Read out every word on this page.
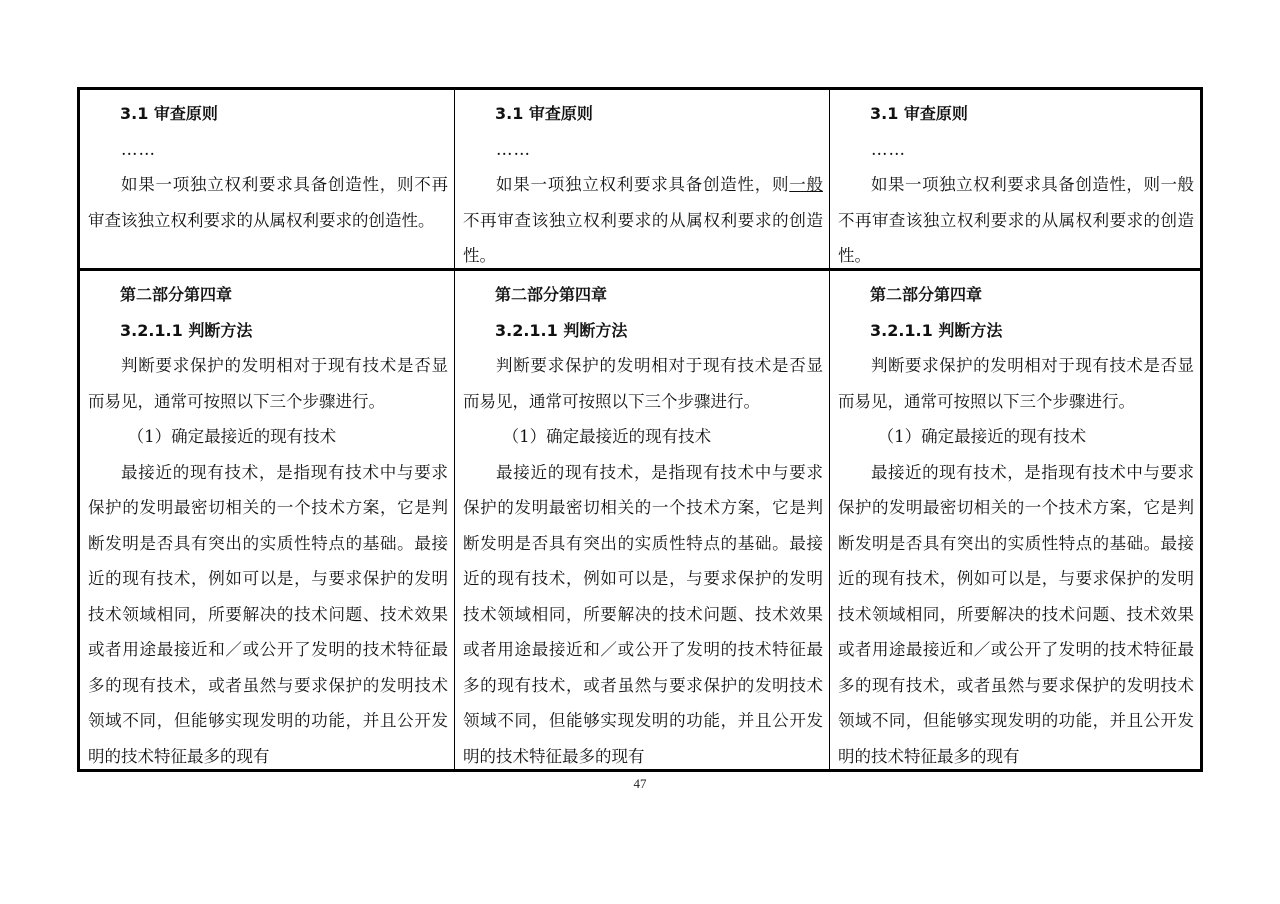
3.1 审查原则

……

如果一项独立权利要求具备创造性，则不再审查该独立权利要求的从属权利要求的创造性。

3.1 审查原则

……

如果一项独立权利要求具备创造性，则一般不再审查该独立权利要求的从属权利要求的创造性。

3.1 审查原则

……

如果一项独立权利要求具备创造性，则一般不再审查该独立权利要求的从属权利要求的创造性。

第二部分第四章

3.2.1.1 判断方法

判断要求保护的发明相对于现有技术是否显而易见，通常可按照以下三个步骤进行。

（1）确定最接近的现有技术

最接近的现有技术，是指现有技术中与要求保护的发明最密切相关的一个技术方案，它是判断发明是否具有突出的实质性特点的基础。最接近的现有技术，例如可以是，与要求保护的发明技术领域相同，所要解决的技术问题、技术效果或者用途最接近和／或公开了发明的技术特征最多的现有技术，或者虽然与要求保护的发明技术领域不同，但能够实现发明的功能，并且公开发明的技术特征最多的现有

第二部分第四章

3.2.1.1 判断方法

判断要求保护的发明相对于现有技术是否显而易见，通常可按照以下三个步骤进行。

（1）确定最接近的现有技术

最接近的现有技术，是指现有技术中与要求保护的发明最密切相关的一个技术方案，它是判断发明是否具有突出的实质性特点的基础。最接近的现有技术，例如可以是，与要求保护的发明技术领域相同，所要解决的技术问题、技术效果或者用途最接近和／或公开了发明的技术特征最多的现有技术，或者虽然与要求保护的发明技术领域不同，但能够实现发明的功能，并且公开发明的技术特征最多的现有

第二部分第四章

3.2.1.1 判断方法

判断要求保护的发明相对于现有技术是否显而易见，通常可按照以下三个步骤进行。

（1）确定最接近的现有技术

最接近的现有技术，是指现有技术中与要求保护的发明最密切相关的一个技术方案，它是判断发明是否具有突出的实质性特点的基础。最接近的现有技术，例如可以是，与要求保护的发明技术领域相同，所要解决的技术问题、技术效果或者用途最接近和／或公开了发明的技术特征最多的现有技术，或者虽然与要求保护的发明技术领域不同，但能够实现发明的功能，并且公开发明的技术特征最多的现有

47
